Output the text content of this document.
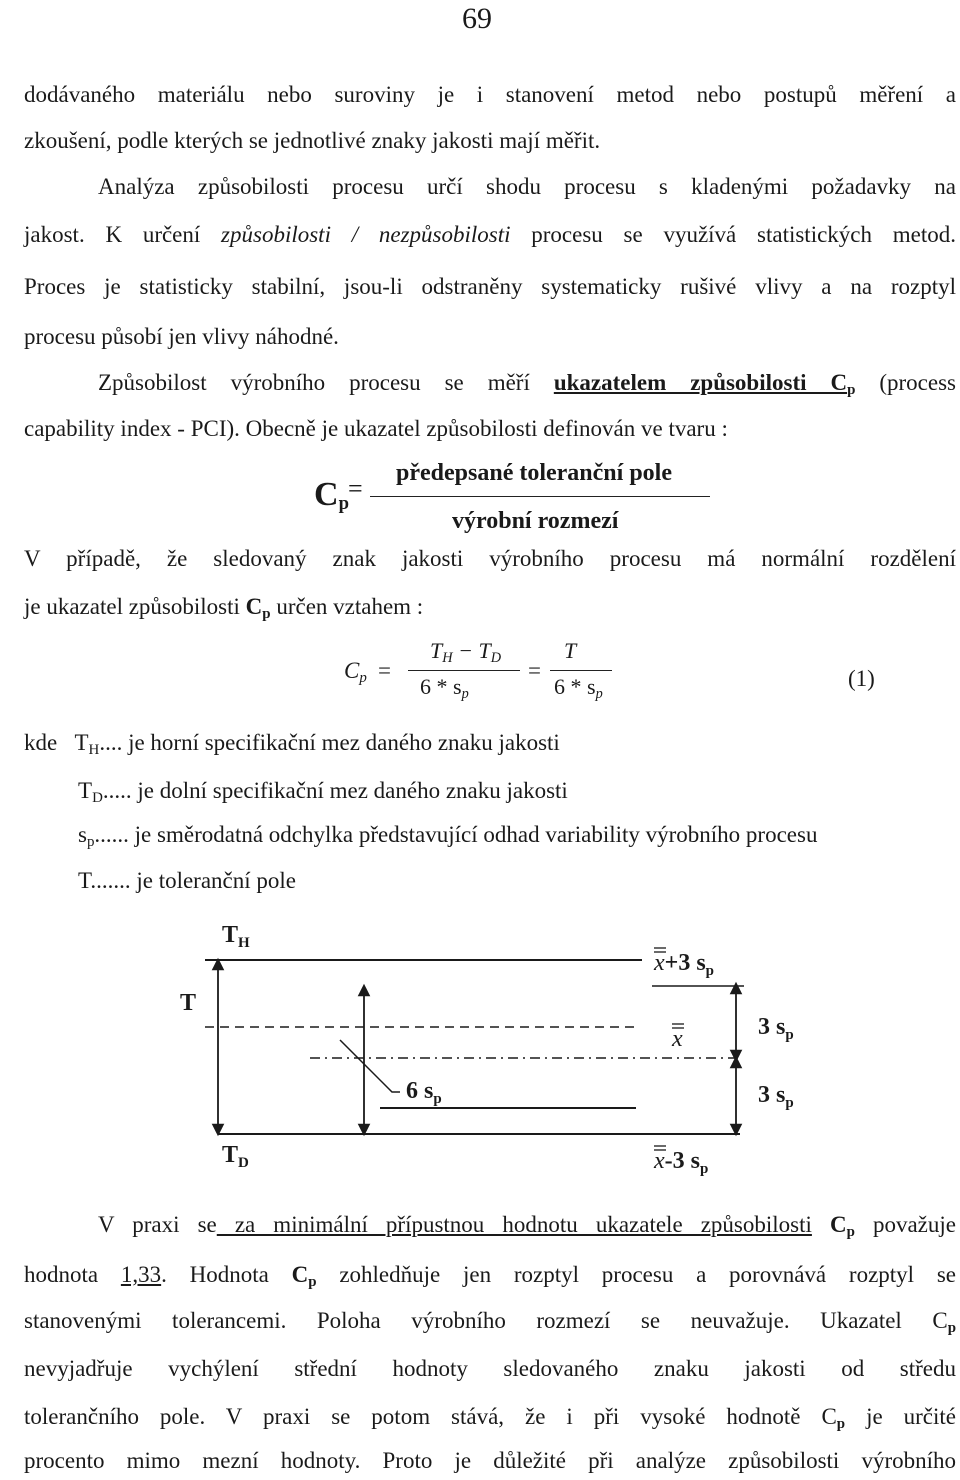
69
dodávaného materiálu nebo suroviny je i stanovení metod nebo postupů měření a
zkoušení, podle kterých se jednotlivé znaky jakosti mají měřit.
Analýza způsobilosti procesu určí shodu procesu s kladenými požadavky na
jakost. K určení způsobilosti / nezpůsobilosti procesu se využívá statistických metod.
Proces je statisticky stabilní, jsou-li odstraněny systematicky rušivé vlivy a na rozptyl
procesu působí jen vlivy náhodné.
Způsobilost výrobního procesu se měří ukazatelem způsobilosti $C_p$ (process
capability index - PCI). Obecně je ukazatel způsobilosti definován ve tvaru :
předepsané toleranční pole
výrobní rozmezí
$C_p$
=
V případě, že sledovaný znak jakosti výrobního procesu má normální rozdělení
je ukazatel způsobilosti $C_p$ určen vztahem :
$C_p$ =
$T_H - T_D$
$6 * s_p$
=
T
$6 * s_p$
(1)
kde $T_H$.... je horní specifikační mez daného znaku jakosti
$T_D$..... je dolní specifikační mez daného znaku jakosti
$s_p$...... je směrodatná odchylka představující odhad variability výrobního procesu
T....... je toleranční pole
$T_H$
T
6 $s_p$
$T_D$
x+3 $s_p$
x	3 $s_p$
3 $s_p$
x-3 $s_p$
V praxi se za minimální přípustnou hodnotu ukazatele způsobilosti $C_p$ považuje
hodnota 1,33. Hodnota $C_p$ zohledňuje jen rozptyl procesu a porovnává rozptyl se
stanovenými tolerancemi. Poloha výrobního rozmezí se neuvažuje. Ukazatel $C_p$
nevyjadřuje vychýlení střední hodnoty sledovaného znaku jakosti od středu
tolerančního pole. V praxi se potom stává, že i při vysoké hodnotě $C_p$ je určité
procento mimo mezní hodnoty. Proto je důležité při analýze způsobilosti výrobního
